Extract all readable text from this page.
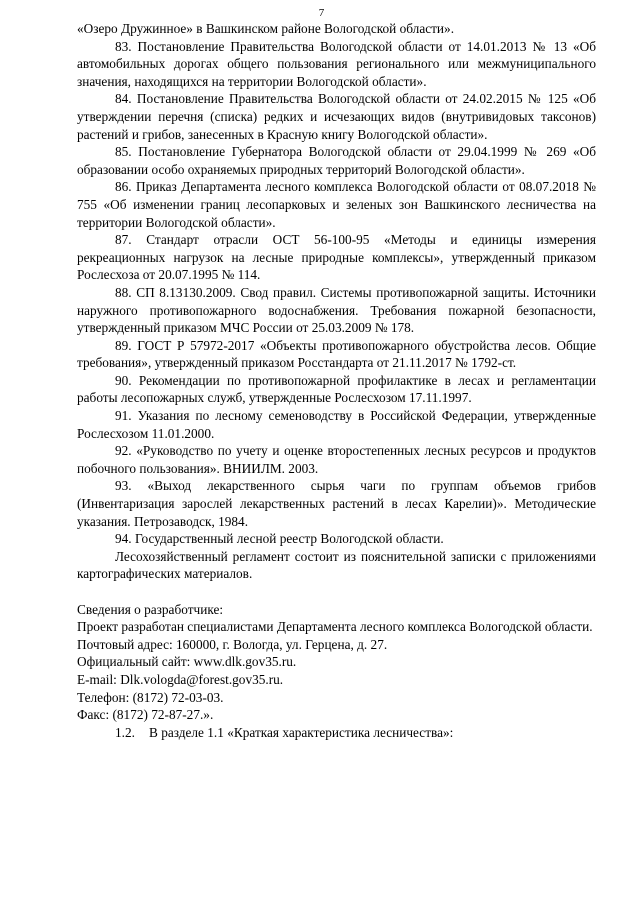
7

«Озеро Дружинное» в Вашкинском районе Вологодской области».

83. Постановление Правительства Вологодской области от 14.01.2013 № 13 «Об автомобильных дорогах общего пользования регионального или межмуниципального значения, находящихся на территории Вологодской области».

84. Постановление Правительства Вологодской области от 24.02.2015 № 125 «Об утверждении перечня (списка) редких и исчезающих видов (внутривидовых таксонов) растений и грибов, занесенных в Красную книгу Вологодской области».

85. Постановление Губернатора Вологодской области от 29.04.1999 № 269 «Об образовании особо охраняемых природных территорий Вологодской области».

86. Приказ Департамента лесного комплекса Вологодской области от 08.07.2018 № 755 «Об изменении границ лесопарковых и зеленых зон Вашкинского лесничества на территории Вологодской области».

87. Стандарт отрасли ОСТ 56-100-95 «Методы и единицы измерения рекреационных нагрузок на лесные природные комплексы», утвержденный приказом Рослесхоза от 20.07.1995 № 114.

88. СП 8.13130.2009. Свод правил. Системы противопожарной защиты. Источники наружного противопожарного водоснабжения. Требования пожарной безопасности, утвержденный приказом МЧС России от 25.03.2009 № 178.

89. ГОСТ Р 57972-2017 «Объекты противопожарного обустройства лесов. Общие требования», утвержденный приказом Росстандарта от 21.11.2017 № 1792-ст.

90. Рекомендации по противопожарной профилактике в лесах и регламентации работы лесопожарных служб, утвержденные Рослесхозом 17.11.1997.

91. Указания по лесному семеноводству в Российской Федерации, утвержденные Рослесхозом 11.01.2000.

92. «Руководство по учету и оценке второстепенных лесных ресурсов и продуктов побочного пользования». ВНИИЛМ. 2003.

93. «Выход лекарственного сырья чаги по группам объемов грибов (Инвентаризация зарослей лекарственных растений в лесах Карелии)». Методические указания. Петрозаводск, 1984.

94. Государственный лесной реестр Вологодской области.

Лесохозяйственный регламент состоит из пояснительной записки с приложениями картографических материалов.

Сведения о разработчике:

Проект разработан специалистами Департамента лесного комплекса Вологодской области.

Почтовый адрес: 160000, г. Вологда, ул. Герцена, д. 27.

Официальный сайт: www.dlk.gov35.ru.

E-mail: Dlk.vologda@forest.gov35.ru.

Телефон: (8172) 72-03-03.

Факс: (8172) 72-87-27.».

1.2. В разделе 1.1 «Краткая характеристика лесничества»:
